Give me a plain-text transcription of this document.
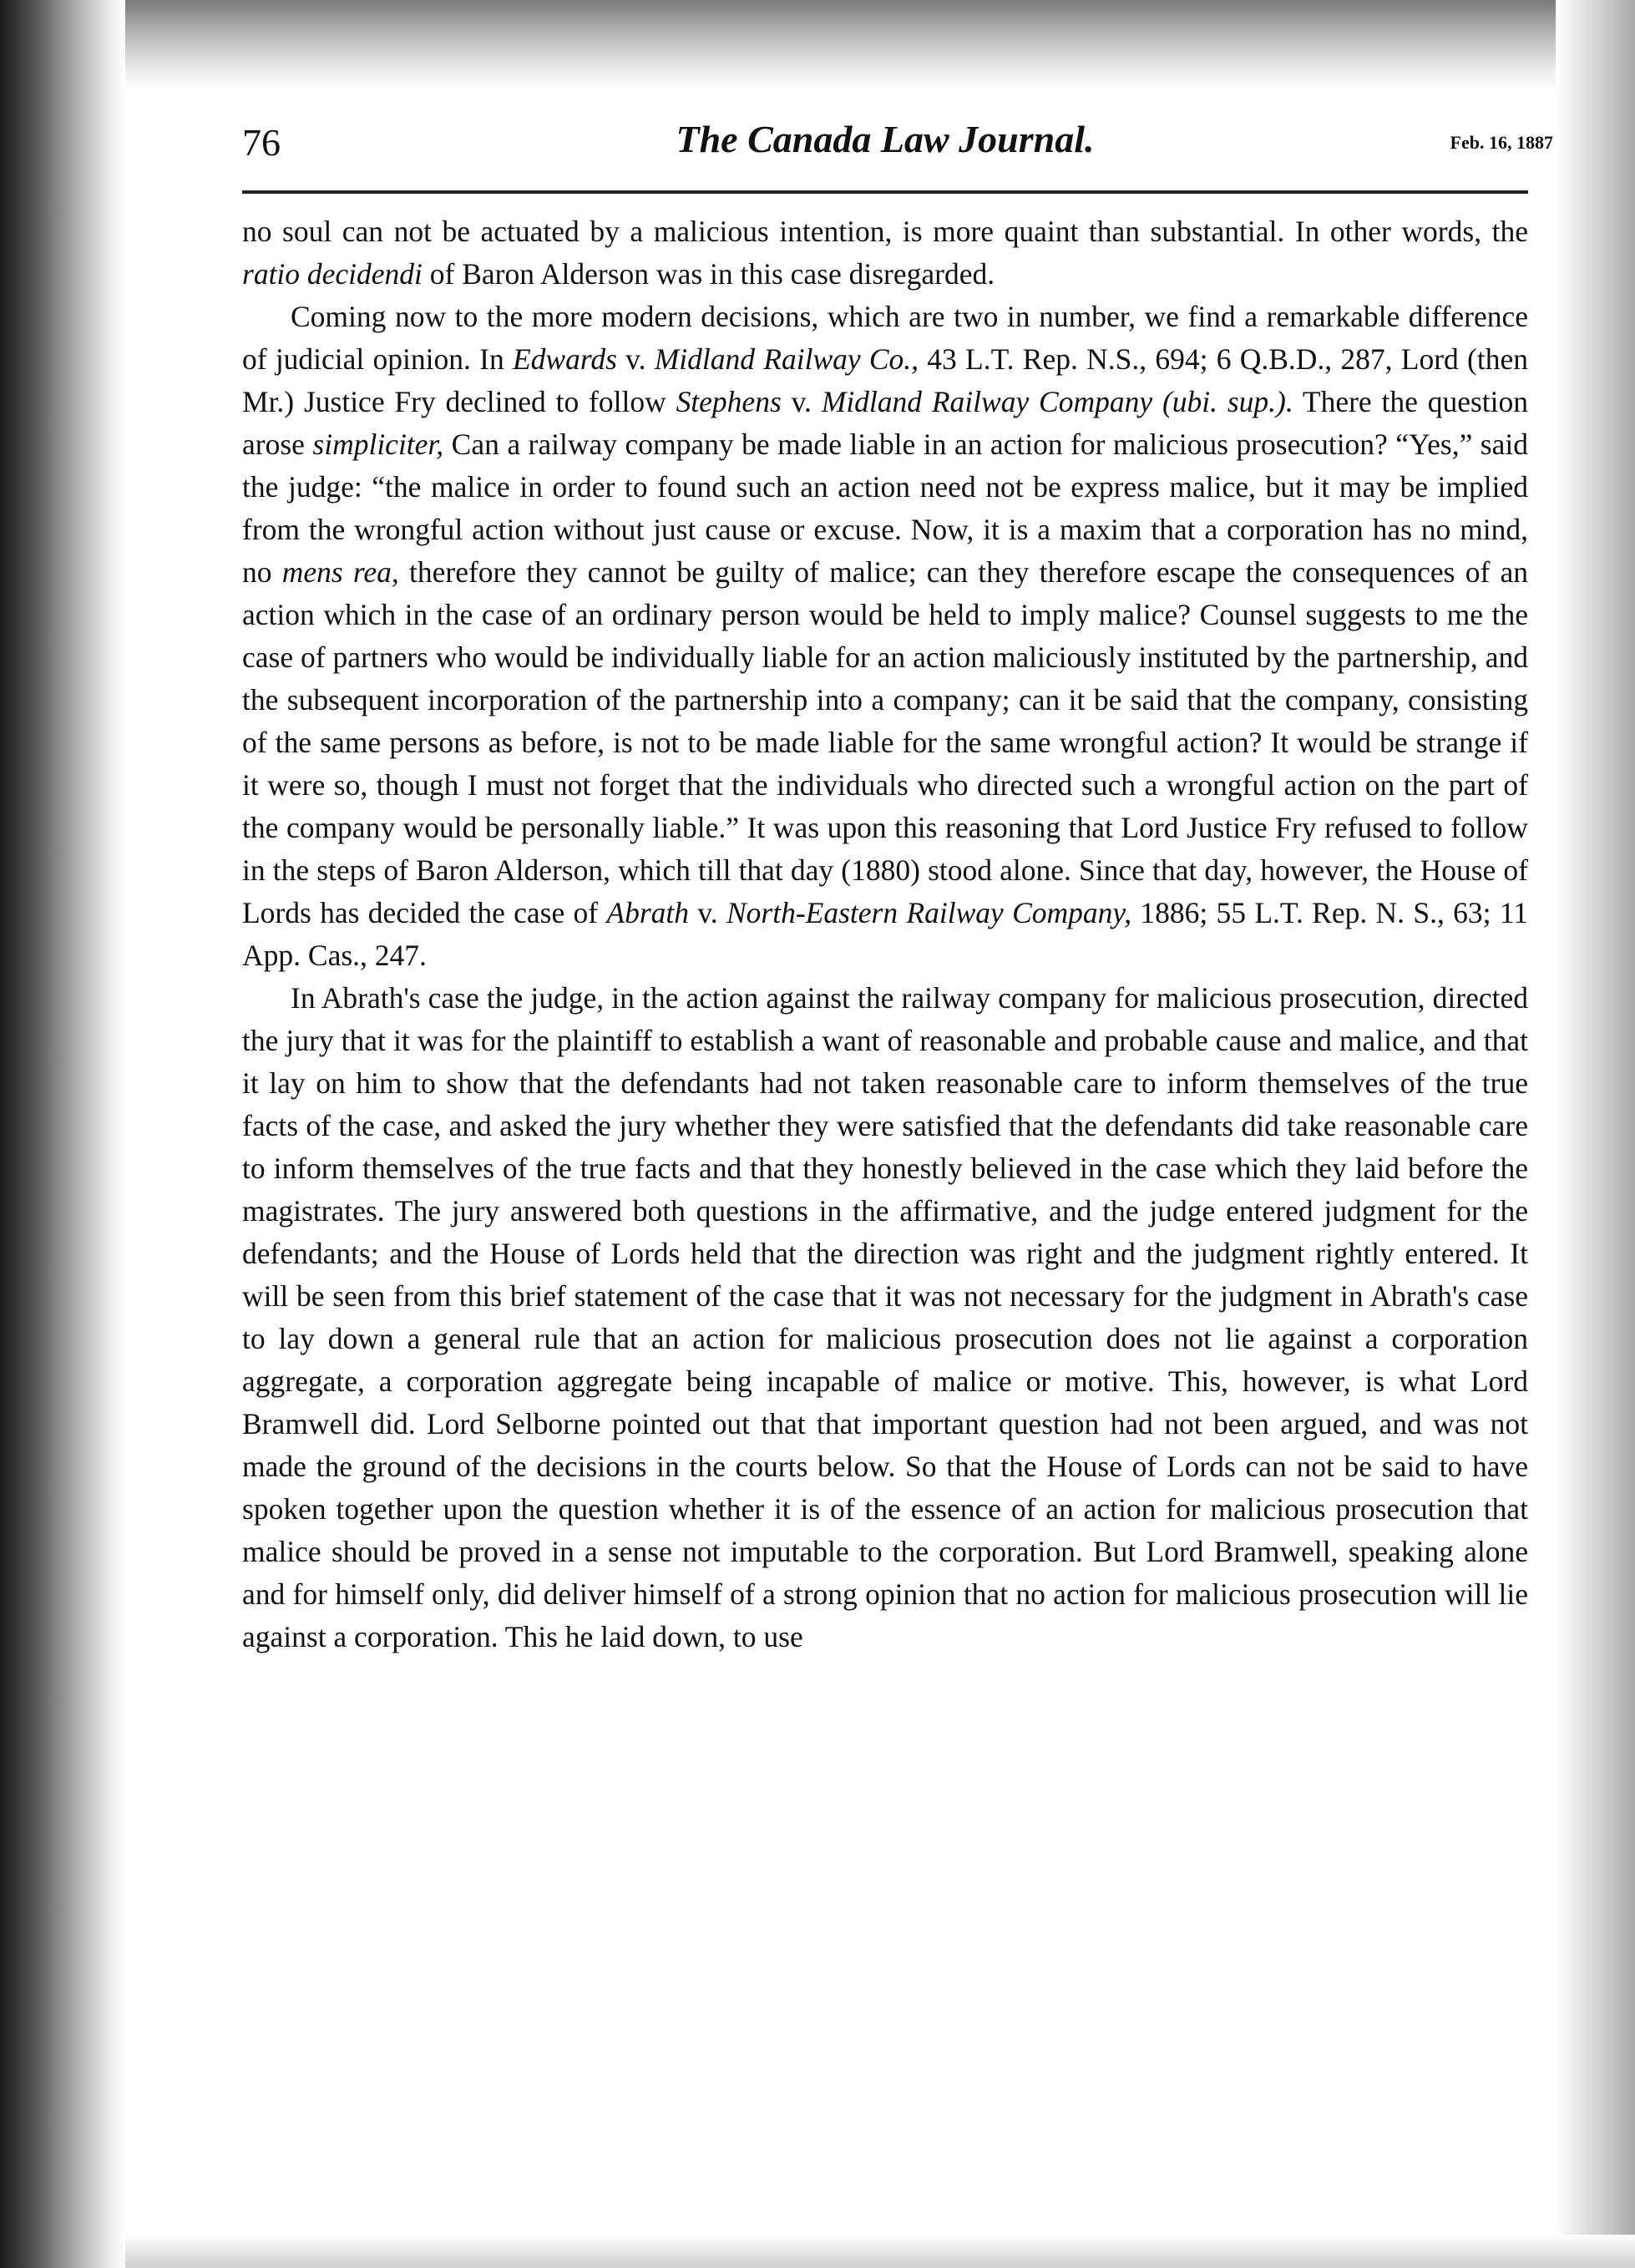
76	The Canada Law Journal.	Feb. 16, 1887

no soul can not be actuated by a malicious intention, is more quaint than substantial. In other words, the ratio decidendi of Baron Alderson was in this case disregarded.

Coming now to the more modern decisions, which are two in number, we find a remarkable difference of judicial opinion. In Edwards v. Midland Railway Co., 43 L.T. Rep. N.S., 694; 6 Q.B.D., 287, Lord (then Mr.) Justice Fry declined to follow Stephens v. Midland Railway Company (ubi. sup.). There the question arose simpliciter, Can a railway company be made liable in an action for malicious prosecution? “Yes,” said the judge: “the malice in order to found such an action need not be express malice, but it may be implied from the wrongful action without just cause or excuse. Now, it is a maxim that a corporation has no mind, no mens rea, therefore they cannot be guilty of malice; can they therefore escape the consequences of an action which in the case of an ordinary person would be held to imply malice? Counsel suggests to me the case of partners who would be individually liable for an action maliciously instituted by the partnership, and the subsequent incorporation of the partnership into a company; can it be said that the company, consisting of the same persons as before, is not to be made liable for the same wrongful action? It would be strange if it were so, though I must not forget that the individuals who directed such a wrongful action on the part of the company would be personally liable.” It was upon this reasoning that Lord Justice Fry refused to follow in the steps of Baron Alderson, which till that day (1880) stood alone. Since that day, however, the House of Lords has decided the case of Abrath v. North-Eastern Railway Company, 1886; 55 L.T. Rep. N. S., 63; 11 App. Cas., 247.

In Abrath's case the judge, in the action against the railway company for malicious prosecution, directed the jury that it was for the plaintiff to establish a want of reasonable and probable cause and malice, and that it lay on him to show that the defendants had not taken reasonable care to inform themselves of the true facts of the case, and asked the jury whether they were satisfied that the defendants did take reasonable care to inform themselves of the true facts and that they honestly believed in the case which they laid before the magistrates. The jury answered both questions in the affirmative, and the judge entered judgment for the defendants; and the House of Lords held that the direction was right and the judgment rightly entered. It will be seen from this brief statement of the case that it was not necessary for the judgment in Abrath's case to lay down a general rule that an action for malicious prosecution does not lie against a corporation aggregate, a corporation aggregate being incapable of malice or motive. This, however, is what Lord Bramwell did. Lord Selborne pointed out that that important question had not been argued, and was not made the ground of the decisions in the courts below. So that the House of Lords can not be said to have spoken together upon the question whether it is of the essence of an action for malicious prosecution that malice should be proved in a sense not imputable to the corporation. But Lord Bramwell, speaking alone and for himself only, did deliver himself of a strong opinion that no action for malicious prosecution will lie against a corporation. This he laid down, to use
